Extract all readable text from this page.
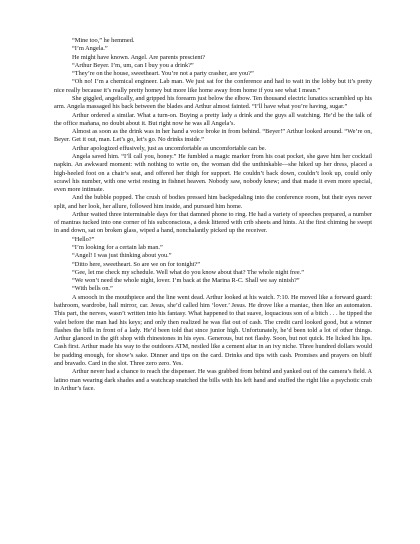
“Mine too,” he hemmed.

“I’m Angela.”

He might have known. Angel. Are parents prescient?

“Arthur Beyer. I’m, um, can I buy you a drink?”

“They’re on the house, sweetheart. You’re not a party crasher, are you?”

“Oh no! I’m a chemical engineer. Lab man. We just sat for the conference and had to wait in the lobby but it’s pretty nice really because it’s really pretty homey but more like home away from home if you see what I mean.”

She giggled, angelically, and gripped his forearm just below the elbow. Ten thousand electric lunatics scrambled up his arm. Angela massaged his back between the blades and Arthur almost fainted. “I’ll have what you’re having, sugar.”

Arthur ordered a similar. What a turn-on. Buying a pretty lady a drink and the guys all watching. He’d be the talk of the office mañana, no doubt about it. But right now he was all Angela’s.

Almost as soon as the drink was in her hand a voice broke in from behind. “Beyer!” Arthur looked around. “We’re on, Beyer. Get it out, man. Let’s go, let’s go. No drinks inside.”

Arthur apologized effusively, just as uncomfortable as uncomfortable can be.

Angela saved him. “I’ll call you, honey.” He fumbled a magic marker from his coat pocket, she gave him her cocktail napkin. An awkward moment: with nothing to write on, the woman did the unthinkable—she hiked up her dress, placed a high-heeled foot on a chair’s seat, and offered her thigh for support. He couldn’t back down, couldn’t look up, could only scrawl his number, with one wrist resting in fishnet heaven. Nobody saw, nobody knew; and that made it even more special, even more intimate.

And the bubble popped. The crush of bodies pressed him backpedaling into the conference room, but their eyes never split, and her look, her allure, followed him inside, and pursued him home.

Arthur waited three interminable days for that damned phone to ring. He had a variety of speeches prepared, a number of mantras tucked into one corner of his subconscious, a desk littered with crib sheets and hints. At the first chiming he swept in and down, sat on broken glass, wiped a hand, nonchalantly picked up the receiver.

“Hello?”

“I’m looking for a certain lab man.”

“Angel! I was just thinking about you.”

“Ditto here, sweetheart. So are we on for tonight?”

“Gee, let me check my schedule. Well what do you know about that? The whole night free.”

“We won’t need the whole night, lover. I’m back at the Marina R-C. Shall we say ninish?”

“With bells on.”

A smooch in the mouthpiece and the line went dead. Arthur looked at his watch. 7:10. He moved like a forward guard: bathroom, wardrobe, hall mirror, car. Jesus, she’d called him ‘lover.’ Jesus. He drove like a maniac, then like an automaton. This part, the nerves, wasn’t written into his fantasy. What happened to that suave, loquacious son of a bitch . . . he tipped the valet before the man had his keys; and only then realized he was flat out of cash. The credit card looked good, but a winner flashes the bills in front of a lady. He’d been told that since junior high. Unfortunately, he’d been told a lot of other things. Arthur glanced in the gift shop with rhinestones in his eyes. Generous, but not flashy. Soon, but not quick. He licked his lips. Cash first. Arthur made his way to the outdoors ATM, nestled like a cement altar in an ivy niche. Three hundred dollars would be padding enough, for show’s sake. Dinner and tips on the card. Drinks and tips with cash. Promises and prayers on bluff and bravado. Card in the slot. Three zero zero. Yes.

Arthur never had a chance to reach the dispenser. He was grabbed from behind and yanked out of the camera’s field. A latino man wearing dark shades and a watchcap snatched the bills with his left hand and stuffed the right like a psychotic crab in Arthur’s face.
